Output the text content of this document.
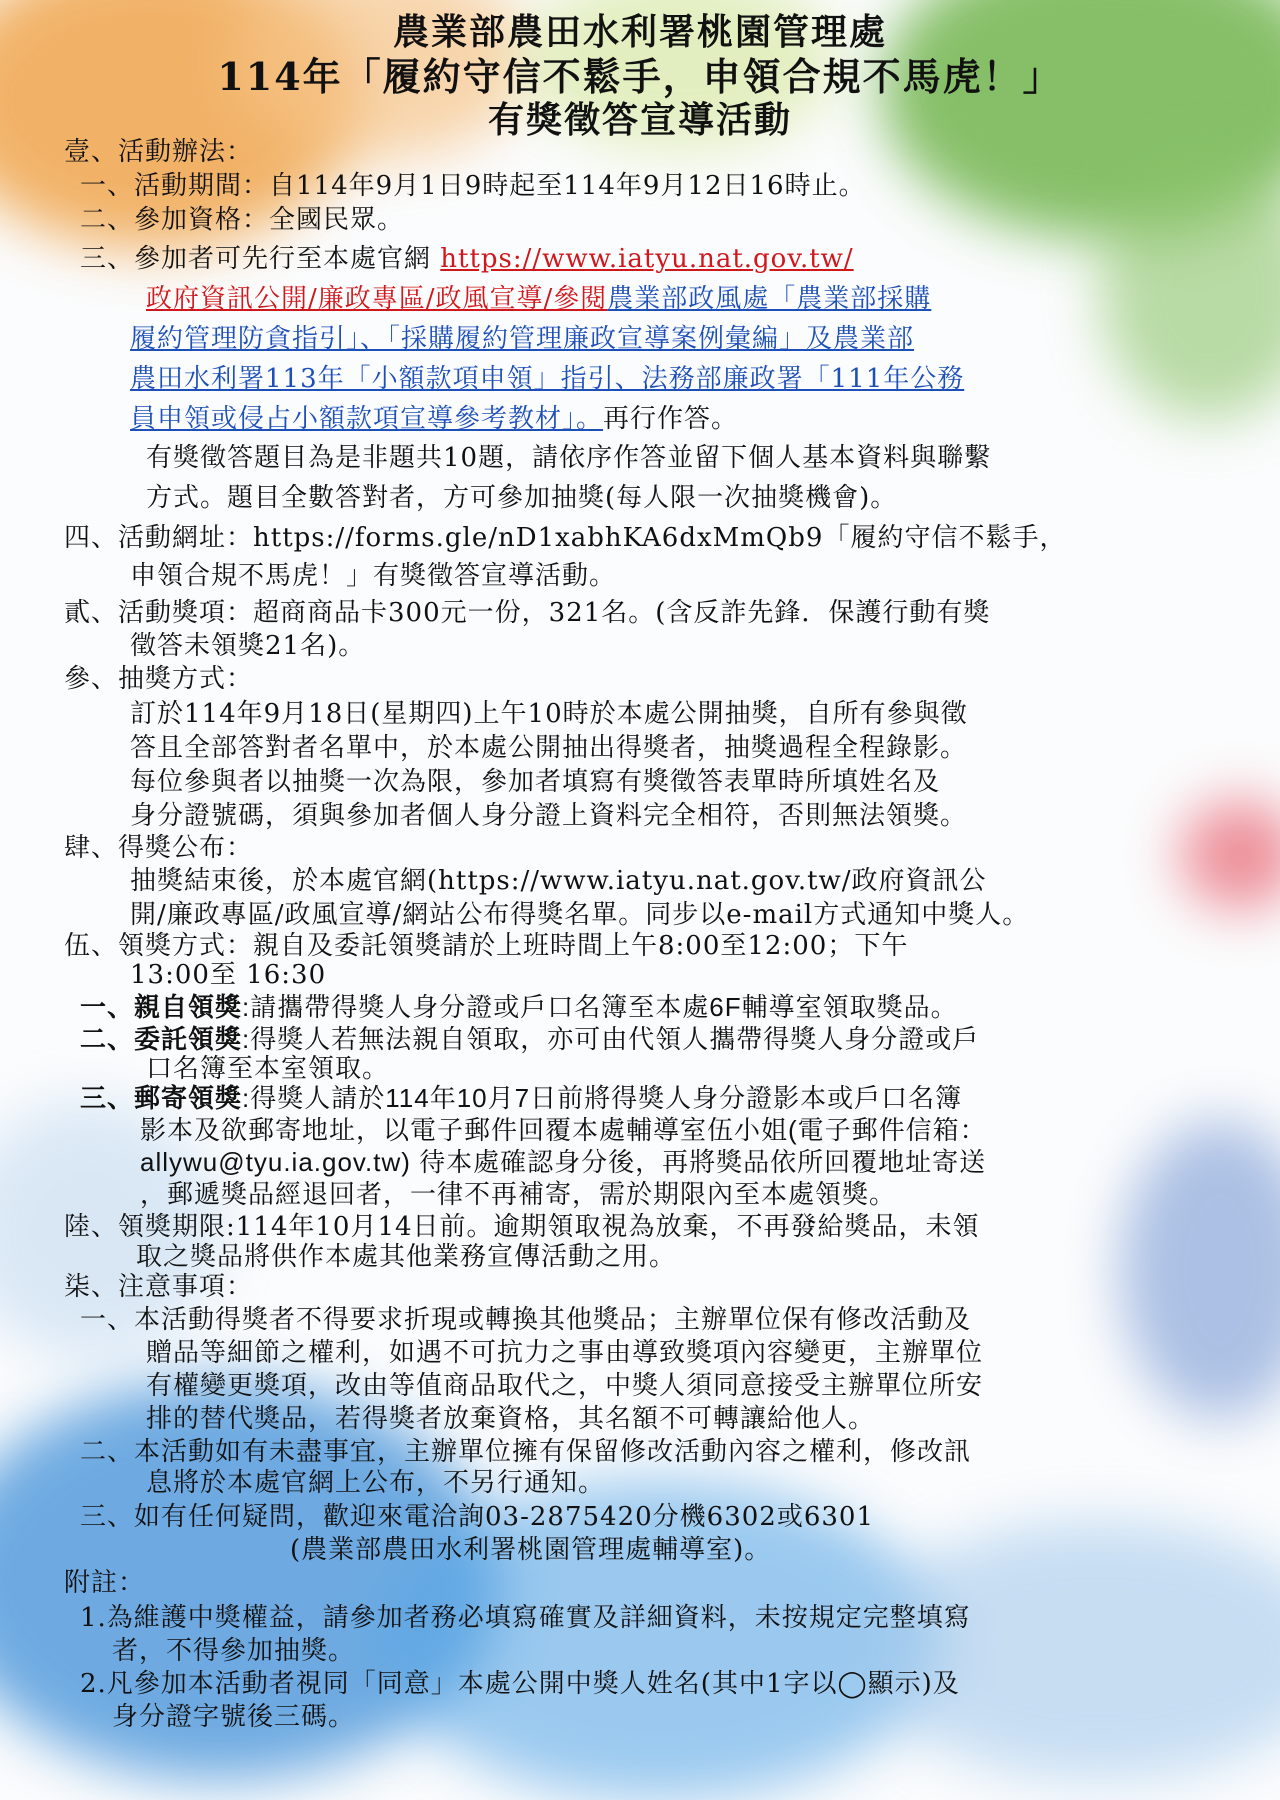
農業部農田水利署桃園管理處
114年「履約守信不鬆手，申領合規不馬虎！」
有獎徵答宣導活動
壹、活動辦法：
一、活動期間：自114年9月1日9時起至114年9月12日16時止。
二、參加資格：全國民眾。
三、參加者可先行至本處官網 https://www.iatyu.nat.gov.tw/
政府資訊公開/廉政專區/政風宣導/參閱農業部政風處「農業部採購
履約管理防貪指引」、「採購履約管理廉政宣導案例彙編」及農業部
農田水利署113年「小額款項申領」指引、法務部廉政署「111年公務
員申領或侵占小額款項宣導參考教材」。再行作答。
有獎徵答題目為是非題共10題，請依序作答並留下個人基本資料與聯繫
方式。題目全數答對者，方可參加抽獎(每人限一次抽獎機會)。
四、活動網址：https://forms.gle/nD1xabhKA6dxMmQb9「履約守信不鬆手，
申領合規不馬虎！」有獎徵答宣導活動。
貳、活動獎項：超商商品卡300元一份，321名。(含反詐先鋒．保護行動有獎
徵答未領獎21名)。
參、抽獎方式：
訂於114年9月18日(星期四)上午10時於本處公開抽獎，自所有參與徵
答且全部答對者名單中，於本處公開抽出得獎者，抽獎過程全程錄影。
每位參與者以抽獎一次為限，參加者填寫有獎徵答表單時所填姓名及
身分證號碼，須與參加者個人身分證上資料完全相符，否則無法領獎。
肆、得獎公布：
抽獎結束後，於本處官網(https://www.iatyu.nat.gov.tw/政府資訊公
開/廉政專區/政風宣導/網站公布得獎名單。同步以e-mail方式通知中獎人。
伍、領獎方式：親自及委託領獎請於上班時間上午8:00至12:00；下午
13:00至 16:30
一、親自領獎:請攜帶得獎人身分證或戶口名簿至本處6F輔導室領取獎品。
二、委託領獎:得獎人若無法親自領取，亦可由代領人攜帶得獎人身分證或戶
口名簿至本室領取。
三、郵寄領獎:得獎人請於114年10月7日前將得獎人身分證影本或戶口名簿
影本及欲郵寄地址，以電子郵件回覆本處輔導室伍小姐(電子郵件信箱：
allywu@tyu.ia.gov.tw) 待本處確認身分後，再將獎品依所回覆地址寄送
，郵遞獎品經退回者，一律不再補寄，需於期限內至本處領獎。
陸、領獎期限:114年10月14日前。逾期領取視為放棄，不再發給獎品，未領
取之獎品將供作本處其他業務宣傳活動之用。
柒、注意事項：
一、本活動得獎者不得要求折現或轉換其他獎品；主辦單位保有修改活動及
贈品等細節之權利，如遇不可抗力之事由導致獎項內容變更，主辦單位
有權變更獎項，改由等值商品取代之，中獎人須同意接受主辦單位所安
排的替代獎品，若得獎者放棄資格，其名額不可轉讓給他人。
二、本活動如有未盡事宜，主辦單位擁有保留修改活動內容之權利，修改訊
息將於本處官網上公布，不另行通知。
三、如有任何疑問，歡迎來電洽詢03-2875420分機6302或6301
(農業部農田水利署桃園管理處輔導室)。
附註：
1.為維護中獎權益，請參加者務必填寫確實及詳細資料，未按規定完整填寫
者，不得參加抽獎。
2.凡參加本活動者視同「同意」本處公開中獎人姓名(其中1字以◯顯示)及
身分證字號後三碼。
